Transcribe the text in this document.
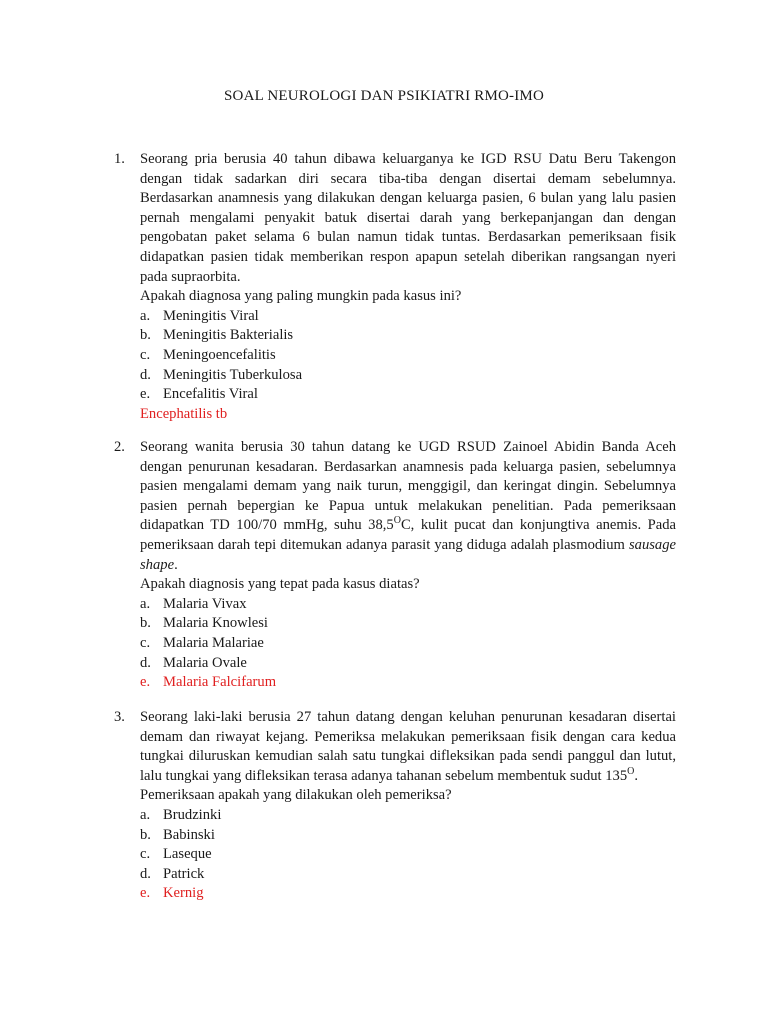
SOAL NEUROLOGI DAN PSIKIATRI RMO-IMO
1. Seorang pria berusia 40 tahun dibawa keluarganya ke IGD RSU Datu Beru Takengon dengan tidak sadarkan diri secara tiba-tiba dengan disertai demam sebelumnya. Berdasarkan anamnesis yang dilakukan dengan keluarga pasien, 6 bulan yang lalu pasien pernah mengalami penyakit batuk disertai darah yang berkepanjangan dan dengan pengobatan paket selama 6 bulan namun tidak tuntas. Berdasarkan pemeriksaan fisik didapatkan pasien tidak memberikan respon apapun setelah diberikan rangsangan nyeri pada supraorbita.
Apakah diagnosa yang paling mungkin pada kasus ini?
a. Meningitis Viral
b. Meningitis Bakterialis
c. Meningoencefalitis
d. Meningitis Tuberkulosa
e. Encefalitis Viral
Encephatilis tb
2. Seorang wanita berusia 30 tahun datang ke UGD RSUD Zainoel Abidin Banda Aceh dengan penurunan kesadaran. Berdasarkan anamnesis pada keluarga pasien, sebelumnya pasien mengalami demam yang naik turun, menggigil, dan keringat dingin. Sebelumnya pasien pernah bepergian ke Papua untuk melakukan penelitian. Pada pemeriksaan didapatkan TD 100/70 mmHg, suhu $38,5^OC$, kulit pucat dan konjungtiva anemis. Pada pemeriksaan darah tepi ditemukan adanya parasit yang diduga adalah plasmodium sausage shape.
Apakah diagnosis yang tepat pada kasus diatas?
a. Malaria Vivax
b. Malaria Knowlesi
c. Malaria Malariae
d. Malaria Ovale
e. Malaria Falcifarum
3. Seorang laki-laki berusia 27 tahun datang dengan keluhan penurunan kesadaran disertai demam dan riwayat kejang. Pemeriksa melakukan pemeriksaan fisik dengan cara kedua tungkai diluruskan kemudian salah satu tungkai difleksikan pada sendi panggul dan lutut, lalu tungkai yang difleksikan terasa adanya tahanan sebelum membentuk sudut $135^O$.
Pemeriksaan apakah yang dilakukan oleh pemeriksa?
a. Brudzinki
b. Babinski
c. Laseque
d. Patrick
e. Kernig
